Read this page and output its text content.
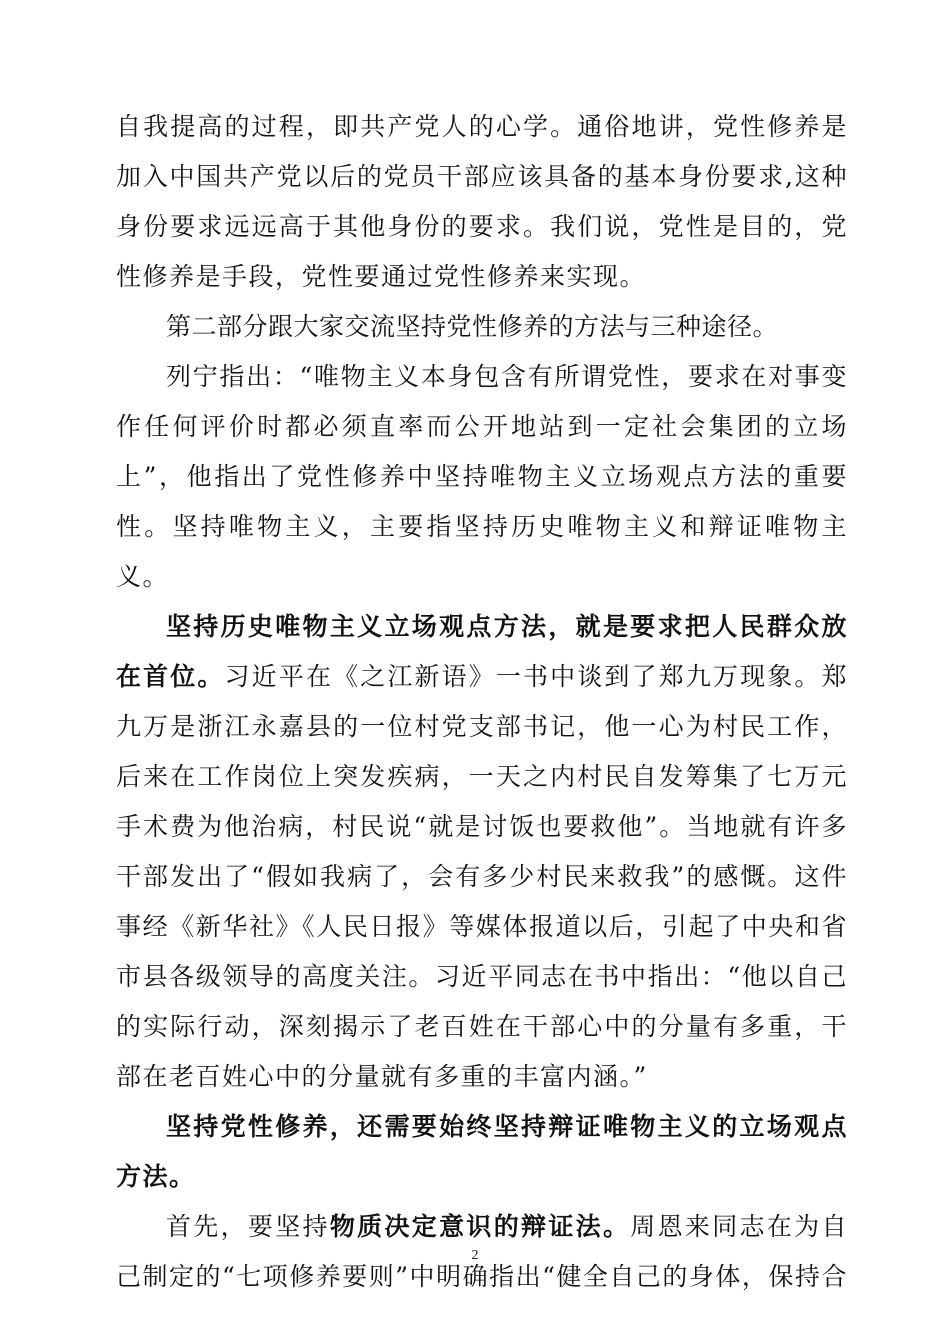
自我提高的过程，即共产党人的心学。通俗地讲，党性修养是加入中国共产党以后的党员干部应该具备的基本身份要求,这种身份要求远远高于其他身份的要求。我们说，党性是目的，党性修养是手段，党性要通过党性修养来实现。

第二部分跟大家交流坚持党性修养的方法与三种途径。

列宁指出：“唯物主义本身包含有所谓党性，要求在对事变作任何评价时都必须直率而公开地站到一定社会集团的立场上”，他指出了党性修养中坚持唯物主义立场观点方法的重要性。坚持唯物主义，主要指坚持历史唯物主义和辩证唯物主义。

坚持历史唯物主义立场观点方法，就是要求把人民群众放在首位。习近平在《之江新语》一书中谈到了郑九万现象。郑九万是浙江永嘉县的一位村党支部书记，他一心为村民工作，后来在工作岗位上突发疾病，一天之内村民自发筹集了七万元手术费为他治病，村民说“就是讨饭也要救他”。当地就有许多干部发出了“假如我病了，会有多少村民来救我”的感慨。这件事经《新华社》《人民日报》等媒体报道以后，引起了中央和省市县各级领导的高度关注。习近平同志在书中指出：“他以自己的实际行动，深刻揭示了老百姓在干部心中的分量有多重，干部在老百姓心中的分量就有多重的丰富内涵。”

坚持党性修养，还需要始终坚持辩证唯物主义的立场观点方法。

首先，要坚持物质决定意识的辩证法。周恩来同志在为自己制定的“七项修养要则”中明确指出“健全自己的身体，保持合

2
